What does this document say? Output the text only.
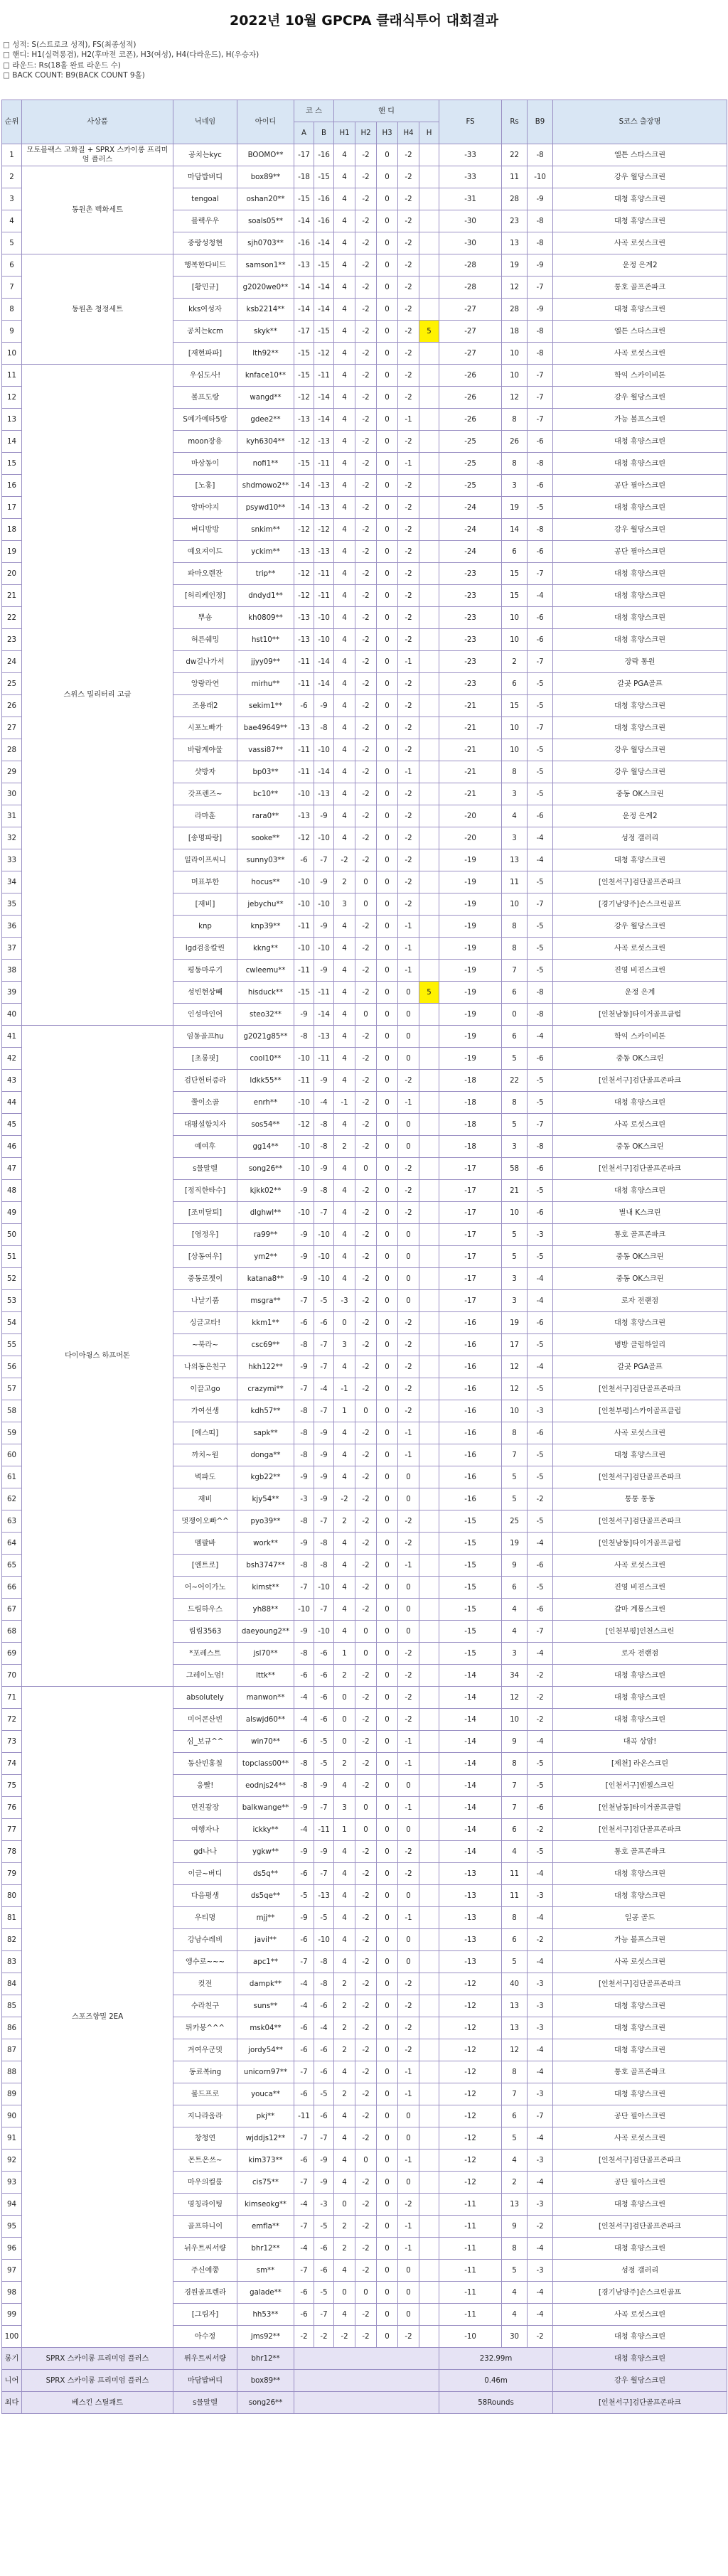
2022년 10월 GPCPA 클래식투어 대회결과
□ 성적: S(스트로크 성적), FS(최종성적)
□ 핸디: H1(실력롱겸), H2(후마전 코폰), H3(여성), H4(다라운드), H(우승자)
□ 라운드: Rs(18홀 완료 라운드 수)
□ BACK COUNT: B9(BACK COUNT 9홀)
순위	사상품	닉네임	아이디	코 스		핸 디					FS	Rs	B9	S코스 출장명
				A	B	H1	H2	H3	H4	H				
1	모토블랙스 고화질 + SPRX 스카이롱 프리미엄 플러스	공치는kyc	BOOMO**	-17	-16	4	-2	0	-2		-33	22	-8	엘튼 스타스크린
2	동원촌 백화세트	마담밥버디	box89**	-18	-15	4	-2	0	-2		-33	11	-10	강우 월당스크린
3		tengoal	oshan20**	-15	-16	4	-2	0	-2		-31	28	-9	대청 휴양스크린
4		블랙우우	soals05**	-14	-16	4	-2	0	-2		-30	23	-8	대청 휴양스크린
5		중랑성청현	sjh0703**	-16	-14	4	-2	0	-2		-30	13	-8	사곡 로섯스크린
6	동원촌 청정세트	행복한다비드	samson1**	-13	-15	4	-2	0	-2		-28	19	-9	운정 은계2
7		[황민규]	g2020we0**	-14	-14	4	-2	0	-2		-28	12	-7	통호 골프존파크
8		kks여성자	ksb2214**	-14	-14	4	-2	0	-2		-27	28	-9	대청 휴양스크린
9		공치는kcm	skyk**	-17	-15	4	-2	0	-2	5	-27	18	-8	엘튼 스타스크린
10		[재현파파]	lth92**	-15	-12	4	-2	0	-2		-27	10	-8	사곡 로섯스크린
11	스위스 밀리터리 고글	우심도사!	knface10**	-15	-11	4	-2	0	-2		-26	10	-7	학익 스카이비톤
12		볼프도랑	wangd**	-12	-14	4	-2	0	-2		-26	12	-7	강우 월당스크린
13		S예가예타5랑	gdee2**	-13	-14	4	-2	0	-1		-26	8	-7	가능 볼프스크린
14		moon장용	kyh6304**	-12	-13	4	-2	0	-2		-25	26	-6	대청 휴양스크린
15		마상동이	nofi1**	-15	-11	4	-2	0	-1		-25	8	-8	대청 휴양스크린
16		[노홍]	shdmowo2**	-14	-13	4	-2	0	-2		-25	3	-6	공단 필아스크린
17		앙마야지	psywd10**	-14	-13	4	-2	0	-2		-24	19	-5	대청 휴양스크린
18		버디방방	snkim**	-12	-12	4	-2	0	-2		-24	14	-8	강우 월당스크린
19		예요져이드	yckim**	-13	-13	4	-2	0	-2		-24	6	-6	공단 필아스크린
20		파마오렌잔	trip**	-12	-11	4	-2	0	-2		-23	15	-7	대청 휴양스크린
21		[허리케인정]	dndyd1**	-12	-11	4	-2	0	-2		-23	15	-4	대청 휴양스크린
22		뿌숑	kh0809**	-13	-10	4	-2	0	-2		-23	10	-6	대청 휴양스크린
23		허른쉐밍	hst10**	-13	-10	4	-2	0	-2		-23	10	-6	대청 휴양스크린
24		dw길나가서	jjyy09**	-11	-14	4	-2	0	-1		-23	2	-7	장락 통원
25		앙랑라연	mirhu**	-11	-14	4	-2	0	-2		-23	6	-5	갈곳 PGA골프
26		조용래2	sekim1**	-6	-9	4	-2	0	-2		-21	15	-5	대청 휴양스크린
27		시포노빠가	bae49649**	-13	-8	4	-2	0	-2		-21	10	-7	대청 휴양스크린
28		바람계야물	vassi87**	-11	-10	4	-2	0	-2		-21	10	-5	강우 월당스크린
29		샷방자	bp03**	-11	-14	4	-2	0	-1		-21	8	-5	강우 월당스크린
30		갓프렌즈~	bc10**	-10	-13	4	-2	0	-2		-21	3	-5	중동 OK스크린
31		라마훈	rara0**	-13	-9	4	-2	0	-2		-20	4	-6	운정 은계2
32		[송명파랑]	sooke**	-12	-10	4	-2	0	-2		-20	3	-4	성정 갤러리
33		일라이프씨니	sunny03**	-6	-7	-2	-2	0	-2		-19	13	-4	대청 휴양스크린
34		머표부한	hocus**	-10	-9	2	0	0	-2		-19	11	-5	[인천서구]검단골프존파크
35		[재비]	jebychu**	-10	-10	3	0	0	-2		-19	10	-7	[경기남양주]손스크린골프
36		knp	knp39**	-11	-9	4	-2	0	-1		-19	8	-5	강우 월당스크린
37		lgd검응칼린	kkng**	-10	-10	4	-2	0	-1		-19	8	-5	사곡 로섯스크린
38		평동마루기	cwleemu**	-11	-9	4	-2	0	-1		-19	7	-5	진영 비젼스크린
39		성빈현상빼	hisduck**	-15	-11	4	-2	0	0	5	-19	6	-8	운정 은계
40		인성마인어	steo32**	-9	-14	4	0	0	0		-19	0	-8	[인천남동]타이거골프클럽
41	다이아윙스 하프머돈	임동골프hu	g2021g85**	-8	-13	4	-2	0	0		-19	6	-4	학익 스카이비톤
42		[초롱핏]	cool10**	-10	-11	4	-2	0	0		-19	5	-6	중동 OK스크린
43		검단헌터증라	ldkk55**	-11	-9	4	-2	0	-2		-18	22	-5	[인천서구]검단골프존파크
44		쭐이소골	enrh**	-10	-4	-1	-2	0	-1		-18	8	-5	대청 휴양스크린
45		대평설함치자	sos54**	-12	-8	4	-2	0	0		-18	5	-7	사곡 로섯스크린
46		예여후	gg14**	-10	-8	2	-2	0	0		-18	3	-8	중동 OK스크린
47		s물말렐	song26**	-10	-9	4	0	0	-2		-17	58	-6	[인천서구]검단골프존파크
48		[정직한타수]	kjkk02**	-9	-8	4	-2	0	-2		-17	21	-5	대청 휴양스크린
49		[조미달퇴]	dlghwl**	-10	-7	4	-2	0	-2		-17	10	-6	별내 K스크린
50		[영정우]	ra99**	-9	-10	4	-2	0	0		-17	5	-3	통호 골프존파크
51		[상동여우]	ym2**	-9	-10	4	-2	0	0		-17	5	-5	중동 OK스크린
52		중동로젯이	katana8**	-9	-10	4	-2	0	0		-17	3	-4	중동 OK스크린
53		나날기품	msgra**	-7	-5	-3	-2	0	0		-17	3	-4	로자 전랜점
54		싱글고타!	kkm1**	-6	-6	0	-2	0	-2		-16	19	-6	대청 휴양스크린
55		~북라~	csc69**	-8	-7	3	-2	0	-2		-16	17	-5	병방 클럽하일리
56		나의동은친구	hkh122**	-9	-7	4	-2	0	-2		-16	12	-4	갈곳 PGA골프
57		이끌고go	crazymi**	-7	-4	-1	-2	0	-2		-16	12	-5	[인천서구]검단골프존파크
58		가여선생	kdh57**	-8	-7	1	0	0	-2		-16	10	-3	[인천부평]스카이골프클럽
59		[에스띠]	sapk**	-8	-9	4	-2	0	-1		-16	8	-6	사곡 로섯스크린
60		까치~원	donga**	-8	-9	4	-2	0	-1		-16	7	-5	대청 휴양스크린
61		벽파도	kgb22**	-9	-9	4	-2	0	0		-16	5	-5	[인천서구]검단골프존파크
62		재비	kjy54**	-3	-9	-2	-2	0	0		-16	5	-2	통통 통동
63		멋쟁이오빠^^	pyo39**	-8	-7	2	-2	0	-2		-15	25	-5	[인천서구]검단골프존파크
64		멤팔바	work**	-9	-8	4	-2	0	-2		-15	19	-4	[인천남동]타이거골프클럽
65		[엔트로]	bsh3747**	-8	-8	4	-2	0	-1		-15	9	-6	사곡 로섯스크린
66		어~어이가노	kimst**	-7	-10	4	-2	0	0		-15	6	-5	진영 비젼스크린
67		드림하우스	yh88**	-10	-7	4	-2	0	0		-15	4	-6	갈마 계룡스크린
68		림림3563	daeyoung2**	-9	-10	4	0	0	0		-15	4	-7	[인천부평]인천스크린
69		*포레스트	jsl70**	-8	-6	1	0	0	-2		-15	3	-4	로자 전랜점
70		그레이노엄!	lttk**	-6	-6	2	-2	0	-2		-14	34	-2	대청 휴양스크린
71	스포즈향밀 2EA	absolutely	manwon**	-4	-6	0	-2	0	-2		-14	12	-2	대청 휴양스크린
72		미어콘산빈	alswjd60**	-4	-6	0	-2	0	-2		-14	10	-2	대청 휴양스크린
73		심_보규^^	win70**	-6	-5	0	-2	0	-1		-14	9	-4	대곡 상암!
74		동산빈홍칠	topclass00**	-8	-5	2	-2	0	-1		-14	8	-5	[제천] 라온스크린
75		웅빨!	eodnjs24**	-8	-9	4	-2	0	0		-14	7	-5	[인천서구]엔젤스크린
76		먼진광장	balkwange**	-9	-7	3	0	0	-1		-14	7	-6	[인천남동]타이거골프클럽
77		여행자나	ickky**	-4	-11	1	0	0	0		-14	6	-2	[인천서구]검단골프존파크
78		gd나나	ygkw**	-9	-9	4	-2	0	-2		-14	4	-5	통호 골프존파크
79		이글~버디	ds5q**	-6	-7	4	-2	0	-2		-13	11	-4	대청 휴양스크린
80		다음평생	ds5qe**	-5	-13	4	-2	0	0		-13	11	-3	대청 휴양스크린
81		우티명	mjj**	-9	-5	4	-2	0	-1		-13	8	-4	일공 골드
82		강남수레비	javil**	-6	-10	4	-2	0	0		-13	6	-2	가능 볼프스크린
83		앵수로~~~	apc1**	-7	-8	4	-2	0	0		-13	5	-4	사곡 로섯스크린
84		컷전	dampk**	-4	-8	2	-2	0	-2		-12	40	-3	[인천서구]검단골프존파크
85		수라친구	suns**	-4	-6	2	-2	0	-2		-12	13	-3	대청 휴양스크린
86		튀카봉^^^	msk04**	-6	-4	2	-2	0	-2		-12	13	-3	대청 휴양스크린
87		겨여우군밋	jordy54**	-6	-6	2	-2	0	-2		-12	12	-4	대청 휴양스크린
88		동료복ing	unicorn97**	-7	-6	4	-2	0	-1		-12	8	-4	통호 골프존파크
89		볼드프로	youca**	-6	-5	2	-2	0	-1		-12	7	-3	대청 휴양스크린
90		지나라움라	pkj**	-11	-6	4	-2	0	0		-12	6	-7	공단 필아스크린
91		창청연	wjddjs12**	-7	-7	4	-2	0	0		-12	5	-4	사곡 로섯스크린
92		몬트온쓰~	kim373**	-6	-9	4	0	0	-1		-12	4	-3	[인천서구]검단골프존파크
93		마우의컬룸	cis75**	-7	-9	4	-2	0	0		-12	2	-4	공단 필아스크린
94		명칭라이팅	kimseokg**	-4	-3	0	-2	0	-2		-11	13	-3	대청 휴양스크린
95		골프하니이	emfla**	-7	-5	2	-2	0	-1		-11	9	-2	[인천서구]검단골프존파크
96		뉘우트씨서량	bhr12**	-4	-6	2	-2	0	-1		-11	8	-4	대청 휴양스크린
97		주신예쭝	sm**	-7	-6	4	-2	0	0		-11	5	-3	성정 갤러리
98		경원골프렌라	galade**	-6	-5	0	0	0	0		-11	4	-4	[경기남양주]손스크린골프
99		[그림자]	hh53**	-6	-7	4	-2	0	0		-11	4	-4	사곡 로섯스크린
100		아수정	jms92**	-2	-2	-2	-2	0	-2		-10	30	-2	대청 휴양스크린
롱기	SPRX 스카이롱 프리미엄 플러스	뤼우트씨서량	bhr12**								232.99m			대청 휴양스크린
니어	SPRX 스카이롱 프리미엄 플러스	마담밥버디	box89**								0.46m			강우 월당스크린
최다	베스킨 스틸쾌트	s물말렐	song26**								58Rounds			[인천서구]검단골프존파크
